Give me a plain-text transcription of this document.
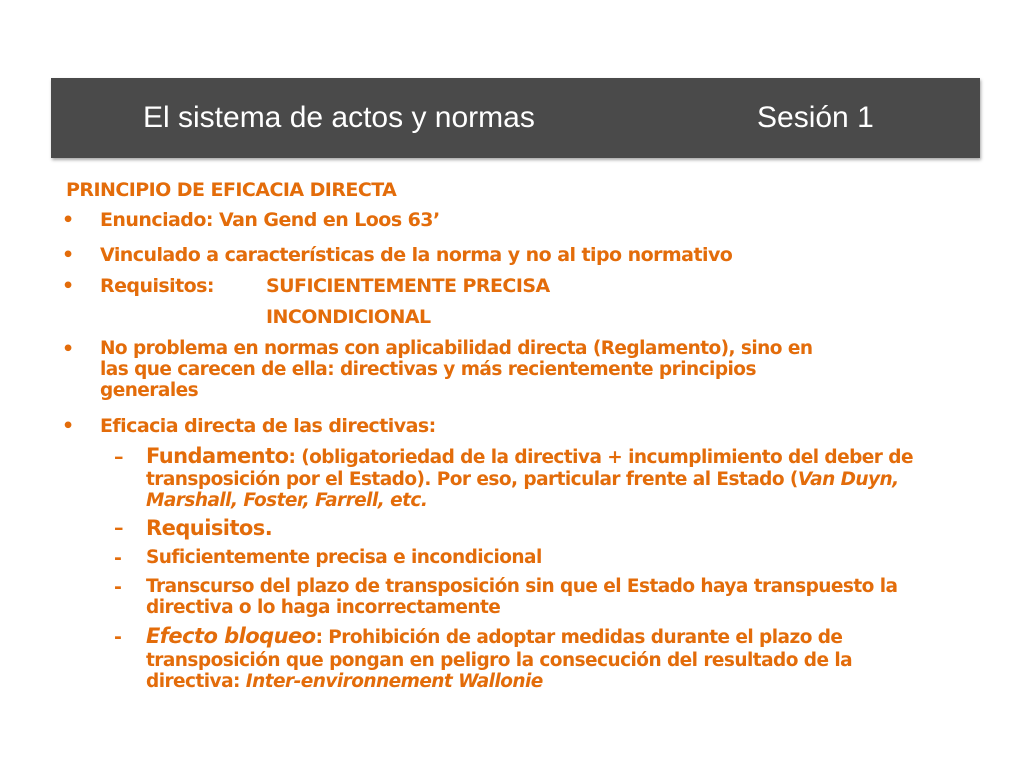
El sistema de actos y normas	Sesión 1
PRINCIPIO DE EFICACIA DIRECTA
• Enunciado: Van Gend en Loos 63’
• Vinculado a características de la norma y no al tipo normativo
• Requisitos:	SUFICIENTEMENTE PRECISA
INCONDICIONAL
• No problema en normas con aplicabilidad directa (Reglamento), sino en
las que carecen de ella: directivas y más recientemente principios
generales
• Eficacia directa de las directivas:
– Fundamento: (obligatoriedad de la directiva + incumplimiento del deber de
transposición por el Estado). Por eso, particular frente al Estado (Van Duyn,
Marshall, Foster, Farrell, etc.
– Requisitos.
- Suficientemente precisa e incondicional
- Transcurso del plazo de transposición sin que el Estado haya transpuesto la
directiva o lo haga incorrectamente
- Efecto bloqueo: Prohibición de adoptar medidas durante el plazo de
transposición que pongan en peligro la consecución del resultado de la
directiva: Inter-environnement Wallonie
